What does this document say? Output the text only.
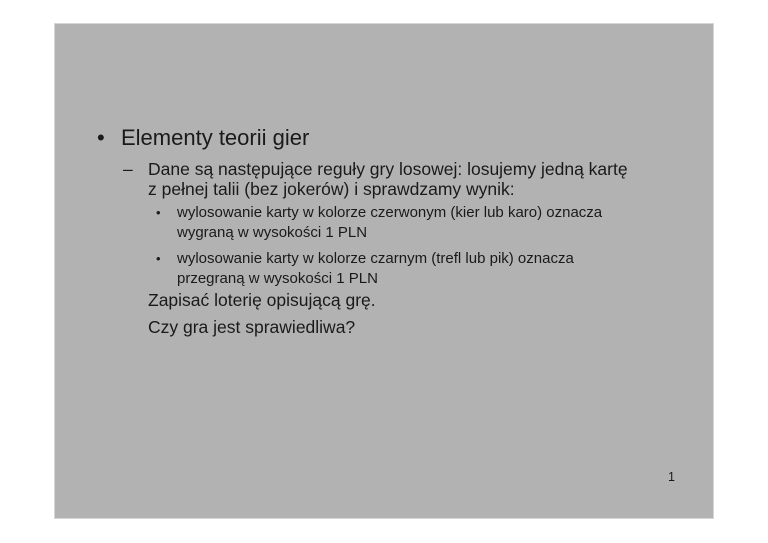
• Elementy teorii gier
– Dane są następujące reguły gry losowej: losujemy jedną kartę
z pełnej talii (bez jokerów) i sprawdzamy wynik:
• wylosowanie karty w kolorze czerwonym (kier lub karo) oznacza
wygraną w wysokości 1 PLN
• wylosowanie karty w kolorze czarnym (trefl lub pik) oznacza
przegraną w wysokości 1 PLN
Zapisać loterię opisującą grę.
Czy gra jest sprawiedliwa?
1
